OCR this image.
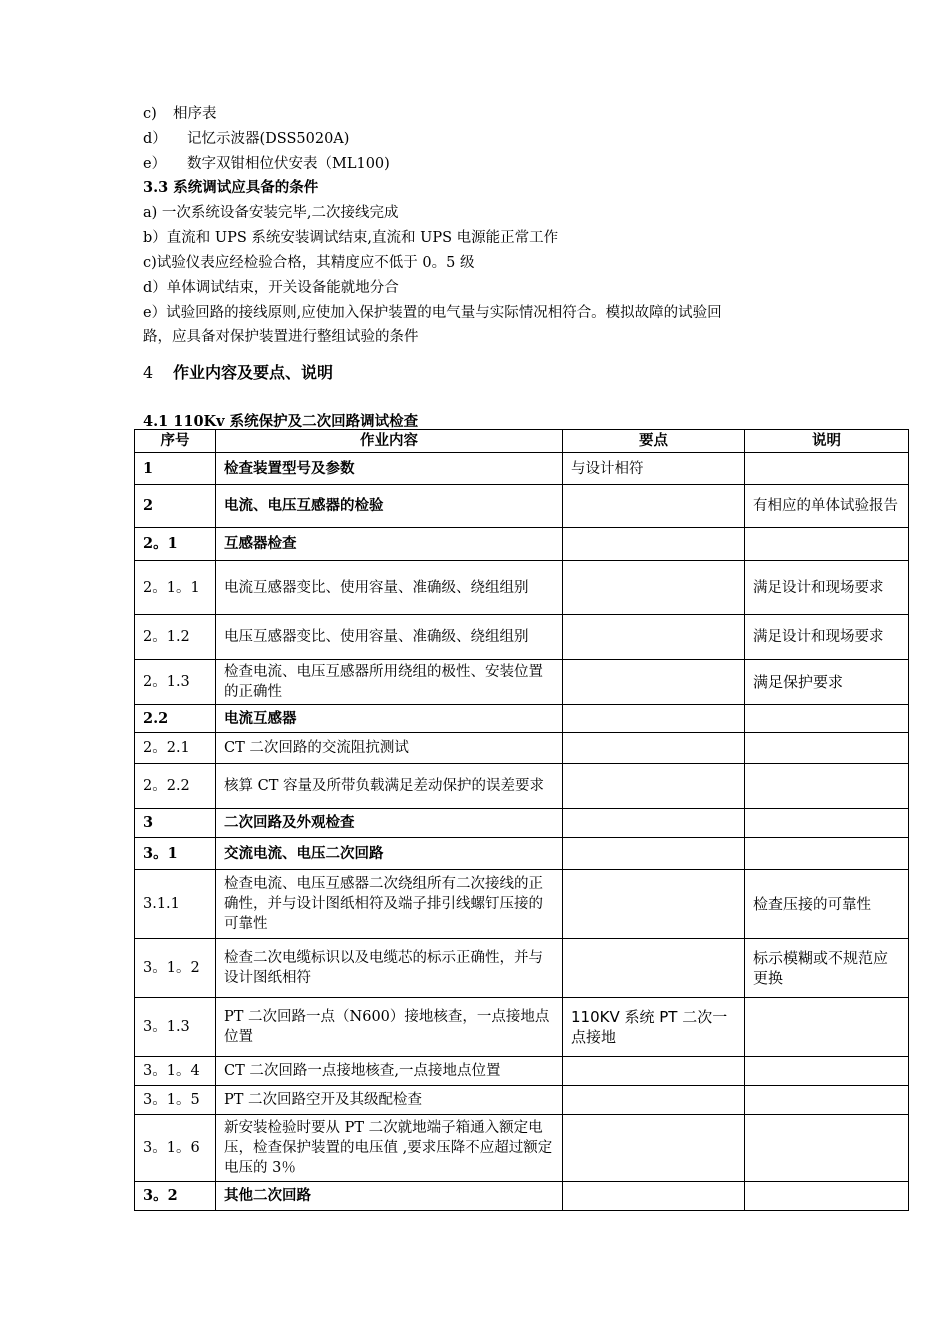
c) 相序表
d） 记忆示波器(DSS5020A)
e） 数字双钳相位伏安表（ML100)
3.3 系统调试应具备的条件
a) 一次系统设备安装完毕,二次接线完成
b）直流和 UPS 系统安装调试结束,直流和 UPS 电源能正常工作
c)试验仪表应经检验合格，其精度应不低于 0。5 级
d）单体调试结束，开关设备能就地分合
e）试验回路的接线原则,应使加入保护装置的电气量与实际情况相符合。模拟故障的试验回
路，应具备对保护装置进行整组试验的条件
4 作业内容及要点、说明
4.1 110Kv 系统保护及二次回路调试检查
序号	作业内容	要点	说明
1	检查装置型号及参数	与设计相符	
2	电流、电压互感器的检验		有相应的单体试验报告
2。1	互感器检查		
2。1。1	电流互感器变比、使用容量、准确级、绕组组别		满足设计和现场要求
2。1.2	电压互感器变比、使用容量、准确级、绕组组别		满足设计和现场要求
2。1.3	检查电流、电压互感器所用绕组的极性、安装位置的正确性		满足保护要求
2.2	电流互感器		
2。2.1	CT 二次回路的交流阻抗测试		
2。2.2	核算 CT 容量及所带负载满足差动保护的误差要求		
3	二次回路及外观检查		
3。1	交流电流、电压二次回路		
3.1.1	检查电流、电压互感器二次绕组所有二次接线的正确性，并与设计图纸相符及端子排引线螺钉压接的可靠性		检查压接的可靠性
3。1。2	检查二次电缆标识以及电缆芯的标示正确性，并与设计图纸相符		标示模糊或不规范应更换
3。1.3	PT 二次回路一点（N600）接地核查，一点接地点位置	110KV 系统 PT 二次一点接地	
3。1。4	CT 二次回路一点接地核查,一点接地点位置		
3。1。5	PT 二次回路空开及其级配检查		
3。1。6	新安装检验时要从 PT 二次就地端子箱通入额定电压，检查保护装置的电压值 ,要求压降不应超过额定电压的 3％		
3。2	其他二次回路		
